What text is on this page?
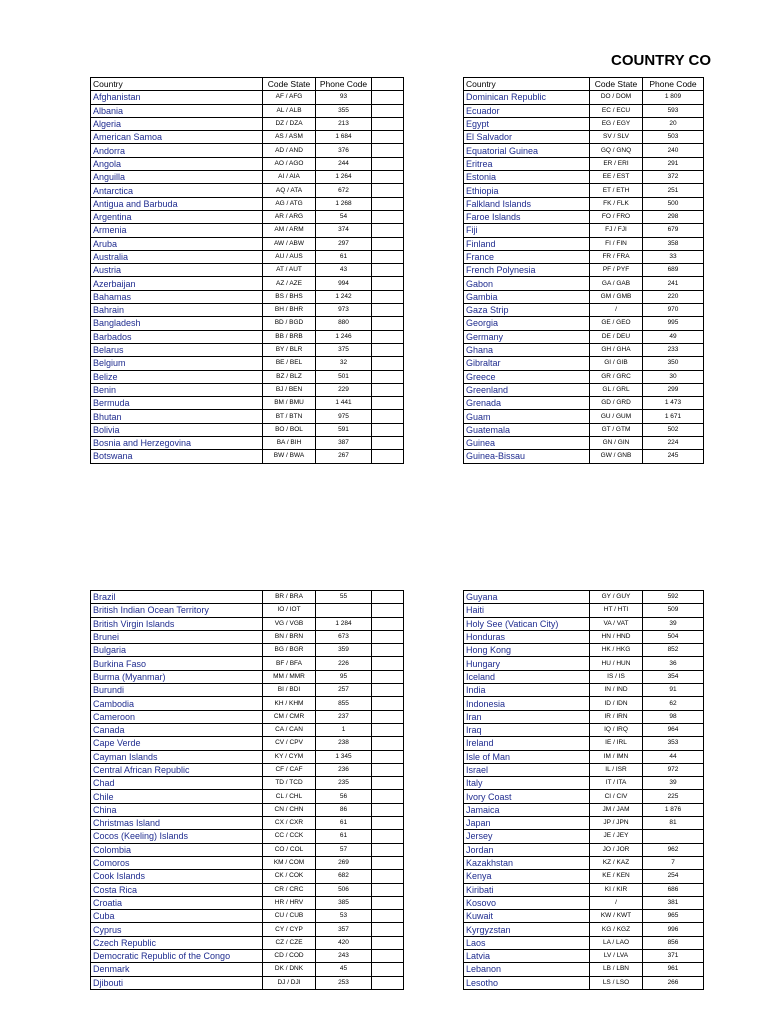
COUNTRY CO
Country	Code State	Phone Code	
Afghanistan	AF / AFG	93	
Albania	AL / ALB	355	
Algeria	DZ / DZA	213	
American Samoa	AS / ASM	1 684	
Andorra	AD / AND	376	
Angola	AO / AGO	244	
Anguilla	AI / AIA	1 264	
Antarctica	AQ / ATA	672	
Antigua and Barbuda	AG / ATG	1 268	
Argentina	AR / ARG	54	
Armenia	AM / ARM	374	
Aruba	AW / ABW	297	
Australia	AU / AUS	61	
Austria	AT / AUT	43	
Azerbaijan	AZ / AZE	994	
Bahamas	BS / BHS	1 242	
Bahrain	BH / BHR	973	
Bangladesh	BD / BGD	880	
Barbados	BB / BRB	1 246	
Belarus	BY / BLR	375	
Belgium	BE / BEL	32	
Belize	BZ / BLZ	501	
Benin	BJ / BEN	229	
Bermuda	BM / BMU	1 441	
Bhutan	BT / BTN	975	
Bolivia	BO / BOL	591	
Bosnia and Herzegovina	BA / BIH	387	
Botswana	BW / BWA	267	
Country	Code State	Phone Code
Dominican Republic	DO / DOM	1 809
Ecuador	EC / ECU	593
Egypt	EG / EGY	20
El Salvador	SV / SLV	503
Equatorial Guinea	GQ / GNQ	240
Eritrea	ER / ERI	291
Estonia	EE / EST	372
Ethiopia	ET / ETH	251
Falkland Islands	FK / FLK	500
Faroe Islands	FO / FRO	298
Fiji	FJ / FJI	679
Finland	FI / FIN	358
France	FR / FRA	33
French Polynesia	PF / PYF	689
Gabon	GA / GAB	241
Gambia	GM / GMB	220
Gaza Strip	/	970
Georgia	GE / GEO	995
Germany	DE / DEU	49
Ghana	GH / GHA	233
Gibraltar	GI / GIB	350
Greece	GR / GRC	30
Greenland	GL / GRL	299
Grenada	GD / GRD	1 473
Guam	GU / GUM	1 671
Guatemala	GT / GTM	502
Guinea	GN / GIN	224
Guinea-Bissau	GW / GNB	245
Brazil	BR / BRA	55	
British Indian Ocean Territory	IO / IOT		
British Virgin Islands	VG / VGB	1 284	
Brunei	BN / BRN	673	
Bulgaria	BG / BGR	359	
Burkina Faso	BF / BFA	226	
Burma (Myanmar)	MM / MMR	95	
Burundi	BI / BDI	257	
Cambodia	KH / KHM	855	
Cameroon	CM / CMR	237	
Canada	CA / CAN	1	
Cape Verde	CV / CPV	238	
Cayman Islands	KY / CYM	1 345	
Central African Republic	CF / CAF	236	
Chad	TD / TCD	235	
Chile	CL / CHL	56	
China	CN / CHN	86	
Christmas Island	CX / CXR	61	
Cocos (Keeling) Islands	CC / CCK	61	
Colombia	CO / COL	57	
Comoros	KM / COM	269	
Cook Islands	CK / COK	682	
Costa Rica	CR / CRC	506	
Croatia	HR / HRV	385	
Cuba	CU / CUB	53	
Cyprus	CY / CYP	357	
Czech Republic	CZ / CZE	420	
Democratic Republic of the Congo	CD / COD	243	
Denmark	DK / DNK	45	
Djibouti	DJ / DJI	253	
Guyana	GY / GUY	592
Haiti	HT / HTI	509
Holy See (Vatican City)	VA / VAT	39
Honduras	HN / HND	504
Hong Kong	HK / HKG	852
Hungary	HU / HUN	36
Iceland	IS / IS	354
India	IN / IND	91
Indonesia	ID / IDN	62
Iran	IR / IRN	98
Iraq	IQ / IRQ	964
Ireland	IE / IRL	353
Isle of Man	IM / IMN	44
Israel	IL / ISR	972
Italy	IT / ITA	39
Ivory Coast	CI / CIV	225
Jamaica	JM / JAM	1 876
Japan	JP / JPN	81
Jersey	JE / JEY	
Jordan	JO / JOR	962
Kazakhstan	KZ / KAZ	7
Kenya	KE / KEN	254
Kiribati	KI / KIR	686
Kosovo	/	381
Kuwait	KW / KWT	965
Kyrgyzstan	KG / KGZ	996
Laos	LA / LAO	856
Latvia	LV / LVA	371
Lebanon	LB / LBN	961
Lesotho	LS / LSO	266
